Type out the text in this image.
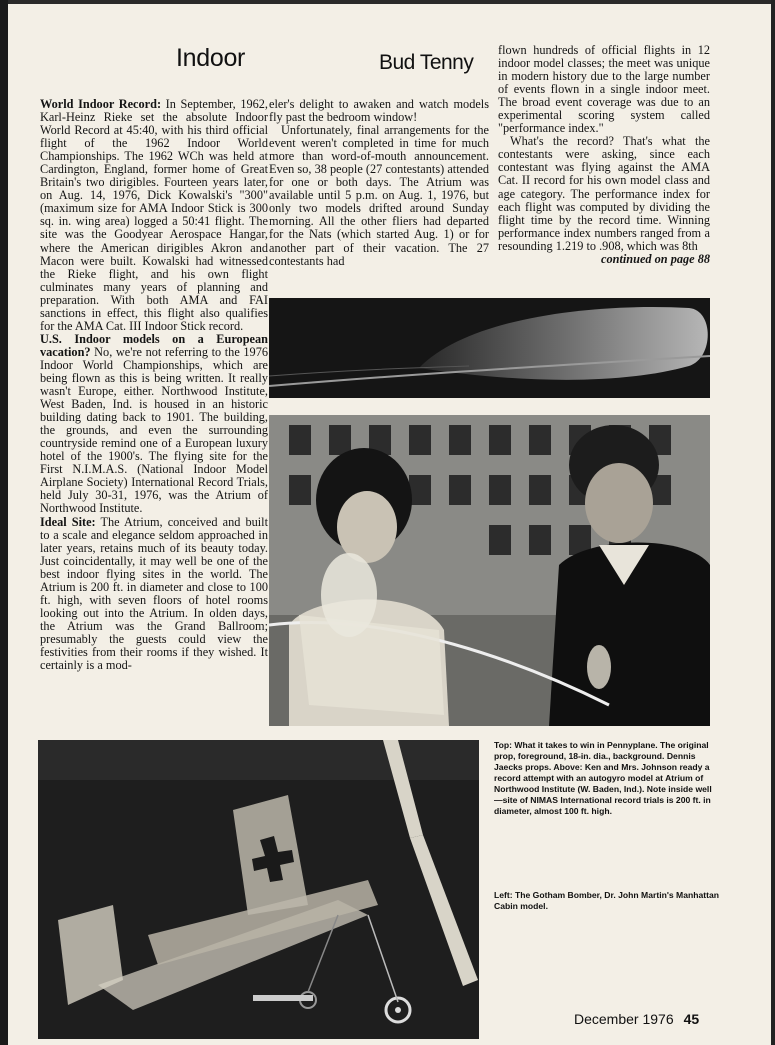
Indoor	Bud Tenny

World Indoor Record: In September, 1962, Karl-Heinz Rieke set the absolute Indoor World Record at 45:40, with his third official flight of the 1962 Indoor World Championships. The 1962 WCh was held at Cardington, England, former home of Great Britain's two dirigibles. Fourteen years later, on Aug. 14, 1976, Dick Kowalski's "300" (maximum size for AMA Indoor Stick is 300 sq. in. wing area) logged a 50:41 flight. The site was the Goodyear Aerospace Hangar, where the American dirigibles Akron and Macon were built. Kowalski had witnessed the Rieke flight, and his own flight culminates many years of planning and preparation. With both AMA and FAI sanctions in effect, this flight also qualifies for the AMA Cat. III Indoor Stick record.

U.S. Indoor models on a European vacation? No, we're not referring to the 1976 Indoor World Championships, which are being flown as this is being written. It really wasn't Europe, either. Northwood Institute, West Baden, Ind. is housed in an historic building dating back to 1901. The building, the grounds, and even the surrounding countryside remind one of a European luxury hotel of the 1900's. The flying site for the First N.I.M.A.S. (National Indoor Model Airplane Society) International Record Trials, held July 30-31, 1976, was the Atrium of Northwood Institute.

Ideal Site: The Atrium, conceived and built to a scale and elegance seldom approached in later years, retains much of its beauty today. Just coincidentally, it may well be one of the best indoor flying sites in the world. The Atrium is 200 ft. in diameter and close to 100 ft. high, with seven floors of hotel rooms looking out into the Atrium. In olden days, the Atrium was the Grand Ballroom; presumably the guests could view the festivities from their rooms if they wished. It certainly is a mod-

eler's delight to awaken and watch models fly past the bedroom window!

Unfortunately, final arrangements for the event weren't completed in time for much more than word-of-mouth announcement. Even so, 38 people (27 contestants) attended for one or both days. The Atrium was available until 5 p.m. on Aug. 1, 1976, but only two models drifted around Sunday morning. All the other fliers had departed for the Nats (which started Aug. 1) or for another part of their vacation. The 27 contestants had

flown hundreds of official flights in 12 indoor model classes; the meet was unique in modern history due to the large number of events flown in a single indoor meet. The broad event coverage was due to an experimental scoring system called "performance index."

What's the record? That's what the contestants were asking, since each contestant was flying against the AMA Cat. II record for his own model class and age category. The performance index for each flight was computed by dividing the flight time by the record time. Winning performance index numbers ranged from a resounding 1.219 to .908, which was 8th

continued on page 88
Top: What it takes to win in Pennyplane. The original prop, foreground, 18-in. dia., background. Dennis Jaecks props. Above: Ken and Mrs. Johnson ready a record attempt with an autogyro model at Atrium of Northwood Institute (W. Baden, Ind.). Note inside well—site of NIMAS International record trials is 200 ft. in diameter, almost 100 ft. high.
Left: The Gotham Bomber, Dr. John Martin's Manhattan Cabin model.
December 1976 45
